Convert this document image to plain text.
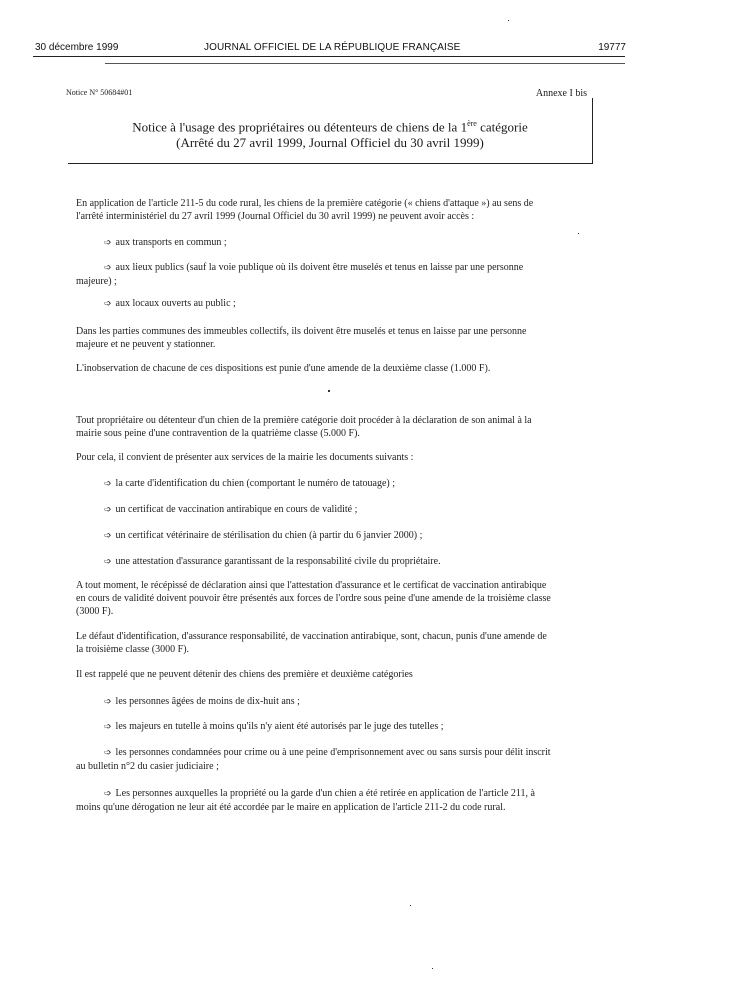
30 décembre 1999	JOURNAL OFFICIEL DE LA RÉPUBLIQUE FRANÇAISE	19777
Notice N° 50684#01	Annexe I bis
Notice à l'usage des propriétaires ou détenteurs de chiens de la 1ère catégorie
(Arrêté du 27 avril 1999, Journal Officiel du 30 avril 1999)
En application de l'article 211-5 du code rural, les chiens de la première catégorie (« chiens d'attaque ») au sens de
l'arrêté interministériel du 27 avril 1999 (Journal Officiel du 30 avril 1999) ne peuvent avoir accès :
➩ aux transports en commun ;
➩ aux lieux publics (sauf la voie publique où ils doivent être muselés et tenus en laisse par une personne
majeure) ;
➩ aux locaux ouverts au public ;
Dans les parties communes des immeubles collectifs, ils doivent être muselés et tenus en laisse par une personne
majeure et ne peuvent y stationner.
L'inobservation de chacune de ces dispositions est punie d'une amende de la deuxième classe (1.000 F).
Tout propriétaire ou détenteur d'un chien de la première catégorie doit procéder à la déclaration de son animal à la
mairie sous peine d'une contravention de la quatrième classe (5.000 F).
Pour cela, il convient de présenter aux services de la mairie les documents suivants :
➩ la carte d'identification du chien (comportant le numéro de tatouage) ;
➩ un certificat de vaccination antirabique en cours de validité ;
➩ un certificat vétérinaire de stérilisation du chien (à partir du 6 janvier 2000) ;
➩ une attestation d'assurance garantissant de la responsabilité civile du propriétaire.
A tout moment, le récépissé de déclaration ainsi que l'attestation d'assurance et le certificat de vaccination antirabique
en cours de validité doivent pouvoir être présentés aux forces de l'ordre sous peine d'une amende de la troisième classe
(3000 F).
Le défaut d'identification, d'assurance responsabilité, de vaccination antirabique, sont, chacun, punis d'une amende de
la troisième classe (3000 F).
Il est rappelé que ne peuvent détenir des chiens des première et deuxième catégories
➩ les personnes âgées de moins de dix-huit ans ;
➩ les majeurs en tutelle à moins qu'ils n'y aient été autorisés par le juge des tutelles ;
➩ les personnes condamnées pour crime ou à une peine d'emprisonnement avec ou sans sursis pour délit inscrit
au bulletin n°2 du casier judiciaire ;
➩ Les personnes auxquelles la propriété ou la garde d'un chien a été retirée en application de l'article 211, à
moins qu'une dérogation ne leur ait été accordée par le maire en application de l'article 211-2 du code rural.
